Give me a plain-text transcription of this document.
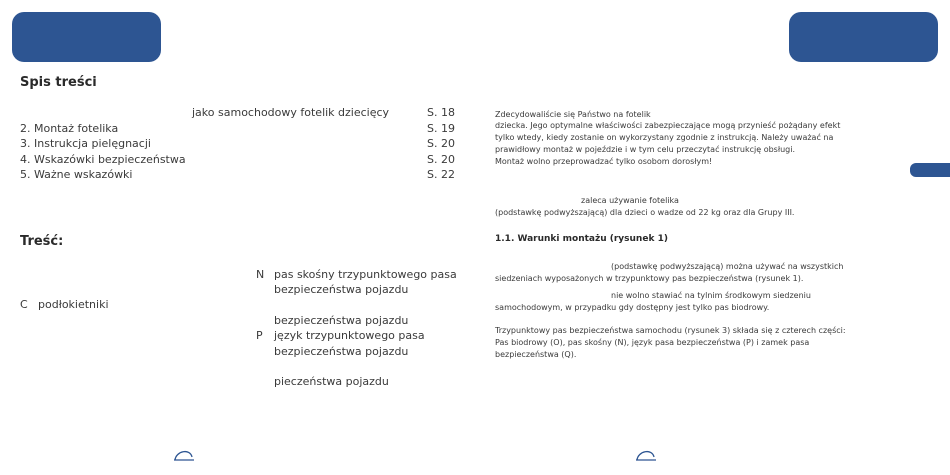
Spis treści
jako samochodowy fotelik dziecięcy	S. 18
2. Montaż fotelika	S. 19
3. Instrukcja pielęgnacji	S. 20
4. Wskazówki bezpieczeństwa	S. 20
5. Ważne wskazówki	S. 22
Treść:
C podłokietniki
N pas skośny trzypunktowego pasa
bezpieczeństwa pojazdu
bezpieczeństwa pojazdu
P język trzypunktowego pasa
bezpieczeństwa pojazdu
pieczeństwa pojazdu
Zdecydowaliście się Państwo na fotelik
dziecka. Jego optymalne właściwości zabezpieczające mogą przynieść pożądany efekt
tylko wtedy, kiedy zostanie on wykorzystany zgodnie z instrukcją. Należy uważać na
prawidłowy montaż w pojeździe i w tym celu przeczytać instrukcję obsługi.
Montaż wolno przeprowadzać tylko osobom dorosłym!
zaleca używanie fotelika
(podstawkę podwyższającą) dla dzieci o wadze od 22 kg oraz dla Grupy III.
1.1. Warunki montażu (rysunek 1)
(podstawkę podwyższającą) można używać na wszystkich
siedzeniach wyposażonych w trzypunktowy pas bezpieczeństwa (rysunek 1).
nie wolno stawiać na tylnim środkowym siedzeniu
samochodowym, w przypadku gdy dostępny jest tylko pas biodrowy.
Trzypunktowy pas bezpieczeństwa samochodu (rysunek 3) składa się z czterech części:
Pas biodrowy (O), pas skośny (N), język pasa bezpieczeństwa (P) i zamek pasa
bezpieczeństwa (Q).
